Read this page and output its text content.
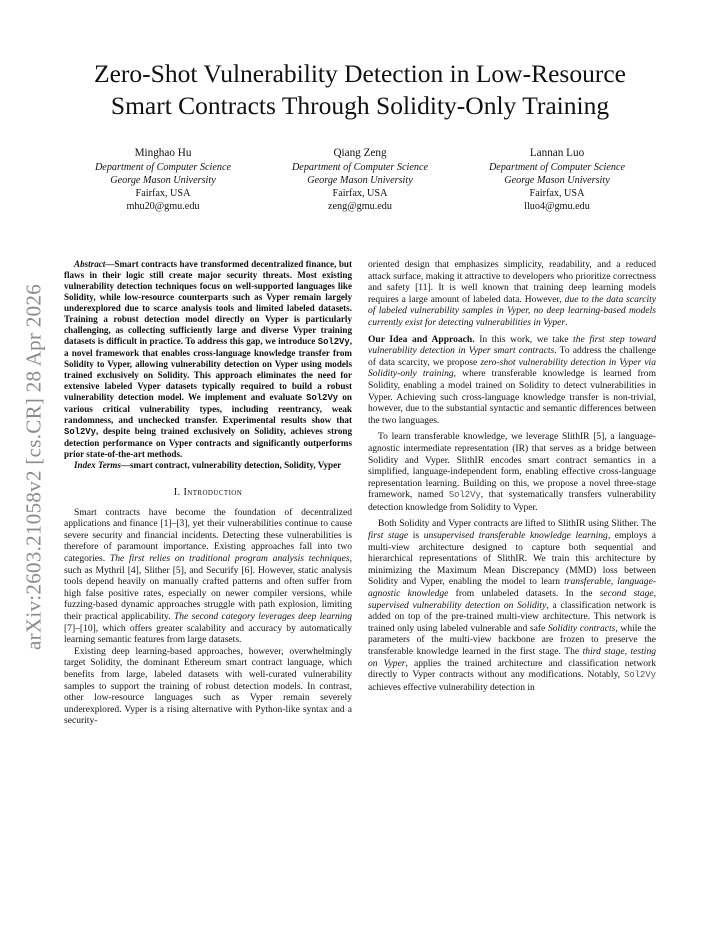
arXiv:2603.21058v2 [cs.CR] 28 Apr 2026
Zero-Shot Vulnerability Detection in Low-Resource
Smart Contracts Through Solidity-Only Training
Minghao Hu
Department of Computer Science
George Mason University
Fairfax, USA
mhu20@gmu.edu
Qiang Zeng
Department of Computer Science
George Mason University
Fairfax, USA
zeng@gmu.edu
Lannan Luo
Department of Computer Science
George Mason University
Fairfax, USA
lluo4@gmu.edu

Abstract—Smart contracts have transformed decentralized finance, but flaws in their logic still create major security threats. Most existing vulnerability detection techniques focus on well-supported languages like Solidity, while low-resource counterparts such as Vyper remain largely underexplored due to scarce analysis tools and limited labeled datasets. Training a robust detection model directly on Vyper is particularly challenging, as collecting sufficiently large and diverse Vyper training datasets is difficult in practice. To address this gap, we introduce Sol2Vy, a novel framework that enables cross-language knowledge transfer from Solidity to Vyper, allowing vulnerability detection on Vyper using models trained exclusively on Solidity. This approach eliminates the need for extensive labeled Vyper datasets typically required to build a robust vulnerability detection model. We implement and evaluate Sol2Vy on various critical vulnerability types, including reentrancy, weak randomness, and unchecked transfer. Experimental results show that Sol2Vy, despite being trained exclusively on Solidity, achieves strong detection performance on Vyper contracts and significantly outperforms prior state-of-the-art methods.

Index Terms—smart contract, vulnerability detection, Solidity, Vyper

I. Introduction

Smart contracts have become the foundation of decentralized applications and finance [1]–[3], yet their vulnerabilities continue to cause severe security and financial incidents. Detecting these vulnerabilities is therefore of paramount importance. Existing approaches fall into two categories. The first relies on traditional program analysis techniques, such as Mythril [4], Slither [5], and Securify [6]. However, static analysis tools depend heavily on manually crafted patterns and often suffer from high false positive rates, especially on newer compiler versions, while fuzzing-based dynamic approaches struggle with path explosion, limiting their practical applicability. The second category leverages deep learning [7]–[10], which offers greater scalability and accuracy by automatically learning semantic features from large datasets.

Existing deep learning-based approaches, however, overwhelmingly target Solidity, the dominant Ethereum smart contract language, which benefits from large, labeled datasets with well-curated vulnerability samples to support the training of robust detection models. In contrast, other low-resource languages such as Vyper remain severely underexplored. Vyper is a rising alternative with Python-like syntax and a security-

oriented design that emphasizes simplicity, readability, and a reduced attack surface, making it attractive to developers who prioritize correctness and safety [11]. It is well known that training deep learning models requires a large amount of labeled data. However, due to the data scarcity of labeled vulnerability samples in Vyper, no deep learning-based models currently exist for detecting vulnerabilities in Vyper.

Our Idea and Approach. In this work, we take the first step toward vulnerability detection in Vyper smart contracts. To address the challenge of data scarcity, we propose zero-shot vulnerability detection in Vyper via Solidity-only training, where transferable knowledge is learned from Solidity, enabling a model trained on Solidity to detect vulnerabilities in Vyper. Achieving such cross-language knowledge transfer is non-trivial, however, due to the substantial syntactic and semantic differences between the two languages.

To learn transferable knowledge, we leverage SlithIR [5], a language-agnostic intermediate representation (IR) that serves as a bridge between Solidity and Vyper. SlithIR encodes smart contract semantics in a simplified, language-independent form, enabling effective cross-language representation learning. Building on this, we propose a novel three-stage framework, named Sol2Vy, that systematically transfers vulnerability detection knowledge from Solidity to Vyper.

Both Solidity and Vyper contracts are lifted to SlithIR using Slither. The first stage is unsupervised transferable knowledge learning, employs a multi-view architecture designed to capture both sequential and hierarchical representations of SlithIR. We train this architecture by minimizing the Maximum Mean Discrepancy (MMD) loss between Solidity and Vyper, enabling the model to learn transferable, language-agnostic knowledge from unlabeled datasets. In the second stage, supervised vulnerability detection on Solidity, a classification network is added on top of the pre-trained multi-view architecture. This network is trained only using labeled vulnerable and safe Solidity contracts, while the parameters of the multi-view backbone are frozen to preserve the transferable knowledge learned in the first stage. The third stage, testing on Vyper, applies the trained architecture and classification network directly to Vyper contracts without any modifications. Notably, Sol2Vy achieves effective vulnerability detection in
